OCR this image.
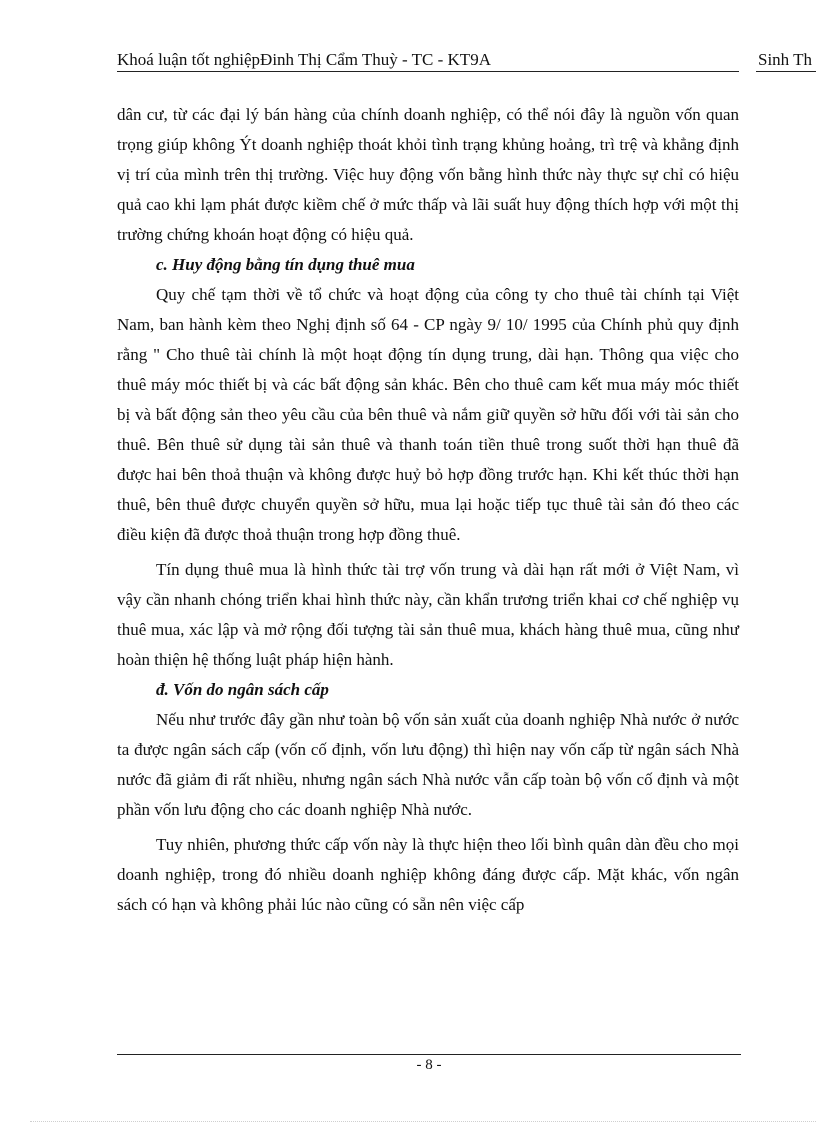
Khoá luận tốt nghiệpĐinh Thị Cẩm Thuỳ - TC - KT9A	Sinh Th

dân cư, từ các đại lý bán hàng của chính doanh nghiệp, có thể nói đây là nguồn vốn quan trọng giúp không Ýt doanh nghiệp thoát khỏi tình trạng khủng hoảng, trì trệ và khẳng định vị trí của mình trên thị trường. Việc huy động vốn bằng hình thức này thực sự chỉ có hiệu quả cao khi lạm phát được kiềm chế ở mức thấp và lãi suất huy động thích hợp với một thị trường chứng khoán hoạt động có hiệu quả.

c. Huy động bằng tín dụng thuê mua

Quy chế tạm thời về tổ chức và hoạt động của công ty cho thuê tài chính tại Việt Nam, ban hành kèm theo Nghị định số 64 - CP ngày 9/ 10/ 1995 của Chính phủ quy định rằng " Cho thuê tài chính là một hoạt động tín dụng trung, dài hạn. Thông qua việc cho thuê máy móc thiết bị và các bất động sản khác. Bên cho thuê cam kết mua máy móc thiết bị và bất động sản theo yêu cầu của bên thuê và nắm giữ quyền sở hữu đối với tài sản cho thuê. Bên thuê sử dụng tài sản thuê và thanh toán tiền thuê trong suốt thời hạn thuê đã được hai bên thoả thuận và không được huỷ bỏ hợp đồng trước hạn. Khi kết thúc thời hạn thuê, bên thuê được chuyển quyền sở hữu, mua lại hoặc tiếp tục thuê tài sản đó theo các điều kiện đã được thoả thuận trong hợp đồng thuê.

Tín dụng thuê mua là hình thức tài trợ vốn trung và dài hạn rất mới ở Việt Nam, vì vậy cần nhanh chóng triển khai hình thức này, cần khẩn trương triển khai cơ chế nghiệp vụ thuê mua, xác lập và mở rộng đối tượng tài sản thuê mua, khách hàng thuê mua, cũng như hoàn thiện hệ thống luật pháp hiện hành.

đ. Vốn do ngân sách cấp

Nếu như trước đây gần như toàn bộ vốn sản xuất của doanh nghiệp Nhà nước ở nước ta được ngân sách cấp (vốn cố định, vốn lưu động) thì hiện nay vốn cấp từ ngân sách Nhà nước đã giảm đi rất nhiều, nhưng ngân sách Nhà nước vẫn cấp toàn bộ vốn cố định và một phần vốn lưu động cho các doanh nghiệp Nhà nước.

Tuy nhiên, phương thức cấp vốn này là thực hiện theo lối bình quân dàn đều cho mọi doanh nghiệp, trong đó nhiều doanh nghiệp không đáng được cấp. Mặt khác, vốn ngân sách có hạn và không phải lúc nào cũng có sẵn nên việc cấp

- 8 -
